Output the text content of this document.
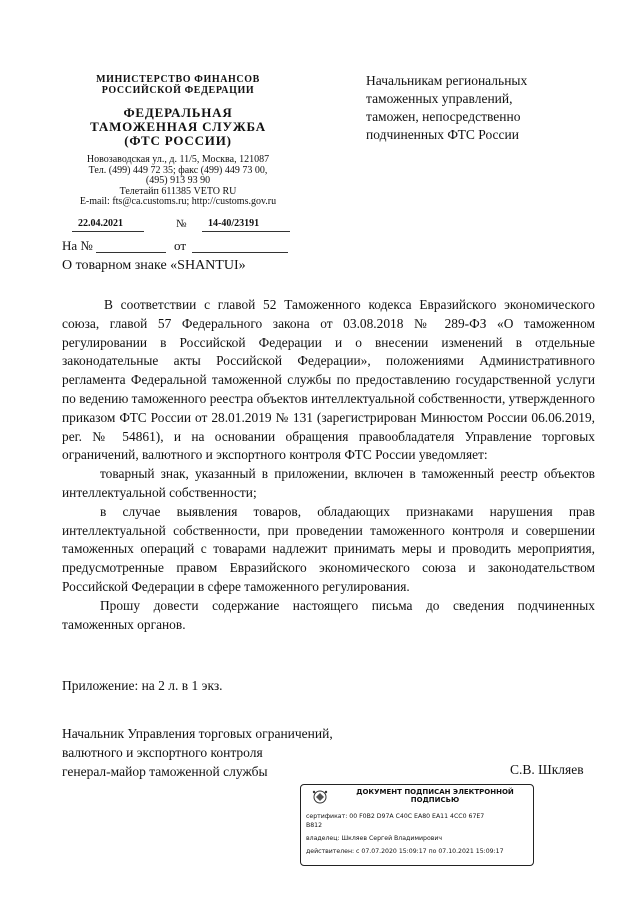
МИНИСТЕРСТВО ФИНАНСОВ
РОССИЙСКОЙ ФЕДЕРАЦИИ
ФЕДЕРАЛЬНАЯ
ТАМОЖЕННАЯ СЛУЖБА
(ФТС РОССИИ)
Новозаводская ул., д. 11/5, Москва, 121087
Тел. (499) 449 72 35; факс (499) 449 73 00,
(495) 913 93 90
Телетайп 611385 VETO RU
E-mail: fts@ca.customs.ru; http://customs.gov.ru
22.04.2021	№ 14-40/23191
На №	от
О товарном знаке «SHANTUI»
Начальникам региональных
таможенных управлений,
таможен, непосредственно
подчиненных ФТС России

В соответствии с главой 52 Таможенного кодекса Евразийского экономического союза, главой 57 Федерального закона от 03.08.2018 № 289-ФЗ «О таможенном регулировании в Российской Федерации и о внесении изменений в отдельные законодательные акты Российской Федерации», положениями Административного регламента Федеральной таможенной службы по предоставлению государственной услуги по ведению таможенного реестра объектов интеллектуальной собственности, утвержденного приказом ФТС России от 28.01.2019 № 131 (зарегистрирован Минюстом России 06.06.2019, рег. № 54861), и на основании обращения правообладателя Управление торговых ограничений, валютного и экспортного контроля ФТС России уведомляет:

товарный знак, указанный в приложении, включен в таможенный реестр объектов интеллектуальной собственности;

в случае выявления товаров, обладающих признаками нарушения прав интеллектуальной собственности, при проведении таможенного контроля и совершении таможенных операций с товарами надлежит принимать меры и проводить мероприятия, предусмотренные правом Евразийского экономического союза и законодательством Российской Федерации в сфере таможенного регулирования.

Прошу довести содержание настоящего письма до сведения подчиненных таможенных органов.

Приложение: на 2 л. в 1 экз.
Начальник Управления торговых ограничений,
валютного и экспортного контроля
генерал-майор таможенной службы	С.В. Шкляев
ДОКУМЕНТ ПОДПИСАН ЭЛЕКТРОННОЙ
ПОДПИСЬЮ
сертификат: 00 F0B2 D97A C40C EA80 EA11 4CC0 67E7
B812
владелец: Шкляев Сергей Владимирович
действителен: с 07.07.2020 15:09:17 по 07.10.2021 15:09:17
